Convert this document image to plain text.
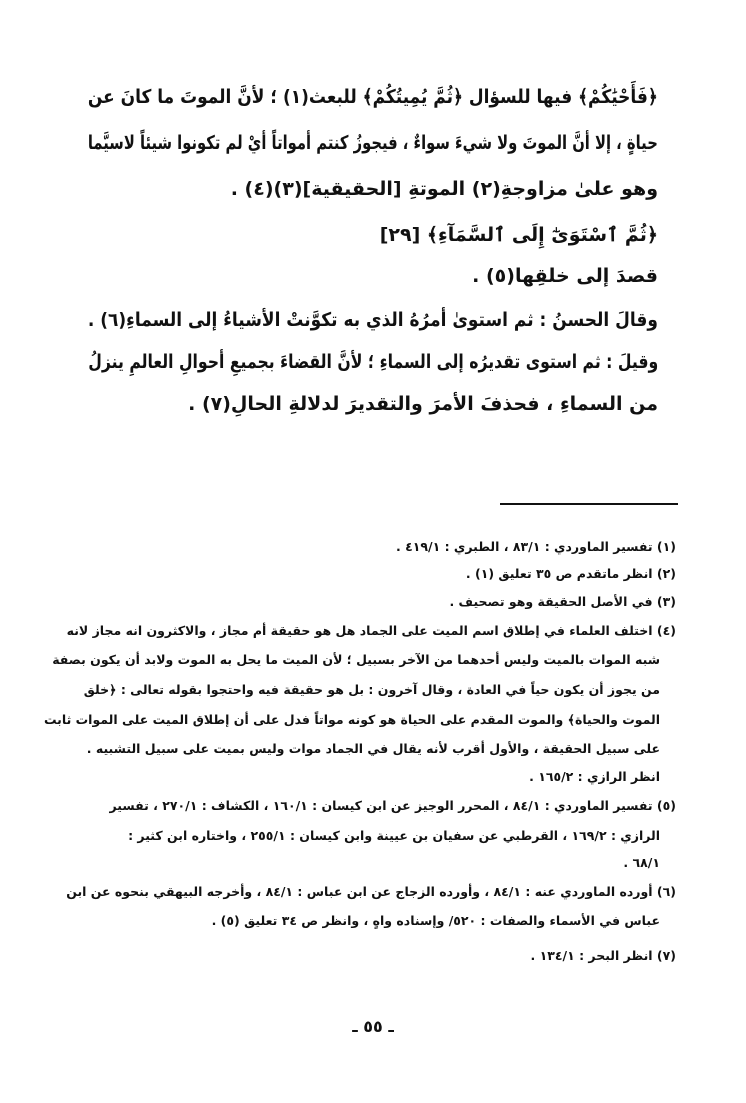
﴿فَأَحْيَٰكُمْ﴾ فيها للسؤال ﴿ثُمَّ يُمِيتُكُمْ﴾ للبعث(١) ؛ لأنَّ الموتَ ما كانَ عن
حياةٍ ، إلا أنَّ الموتَ ولا شيءَ سواءٌ ، فيجوزُ كنتم أمواتاً أيْ لم تكونوا شيئاً لاسيَّما
وهو علىٰ مزاوجةِ(٢) الموتةِ [الحقيقية](٣)(٤) .
﴿ثُمَّ ٱسْتَوَىٰٓ إِلَى ٱلسَّمَآءِ﴾ [٢٩]
قصدَ إلى خلقِها(٥) .
وقالَ الحسنُ : ثم استوىٰ أمرُهُ الذي به تكوَّنتْ الأشياءُ إلى السماءِ(٦) .
وقيلَ : ثم استوى تقديرُه إلى السماءِ ؛ لأنَّ القضاءَ بجميعِ أحوالِ العالمِ ينزلُ
من السماءِ ، فحذفَ الأمرَ والتقديرَ لدلالةِ الحالِ(٧) .
(١) تفسير الماوردي : ٨٣/١ ، الطبري : ٤١٩/١ .
(٢) انظر ماتقدم ص ٣٥ تعليق (١) .
(٣) في الأصل الحقيقة وهو تصحيف .
(٤) اختلف العلماء في إطلاق اسم الميت على الجماد هل هو حقيقة أم مجاز ، والاكثرون انه مجاز لانه
شبه الموات بالميت وليس أحدهما من الآخر بسبيل ؛ لأن الميت ما يحل به الموت ولابد أن يكون بصفة
من يجوز أن يكون حياً في العادة ، وقال آخرون : بل هو حقيقة فيه واحتجوا بقوله تعالى : ﴿خلق
الموت والحياة﴾ والموت المقدم على الحياة هو كونه مواتاً فدل على أن إطلاق الميت على الموات ثابت
على سبيل الحقيقة ، والأول أقرب لأنه يقال في الجماد موات وليس بميت على سبيل التشبيه .
انظر الرازي : ١٦٥/٢ .
(٥) تفسير الماوردي : ٨٤/١ ، المحرر الوجيز عن ابن كيسان : ١٦٠/١ ، الكشاف : ٢٧٠/١ ، تفسير
الرازي : ١٦٩/٢ ، القرطبي عن سفيان بن عيينة وابن كيسان : ٢٥٥/١ ، واختاره ابن كثير :
٦٨/١ .
(٦) أورده الماوردي عنه : ٨٤/١ ، وأورده الزجاج عن ابن عباس : ٨٤/١ ، وأخرجه البيهقي بنحوه عن ابن
عباس في الأسماء والصفات : ٥٢٠/ وإسناده واهٍ ، وانظر ص ٣٤ تعليق (٥) .
(٧) انظر البحر : ١٣٤/١ .
ـ ٥٥ ـ
